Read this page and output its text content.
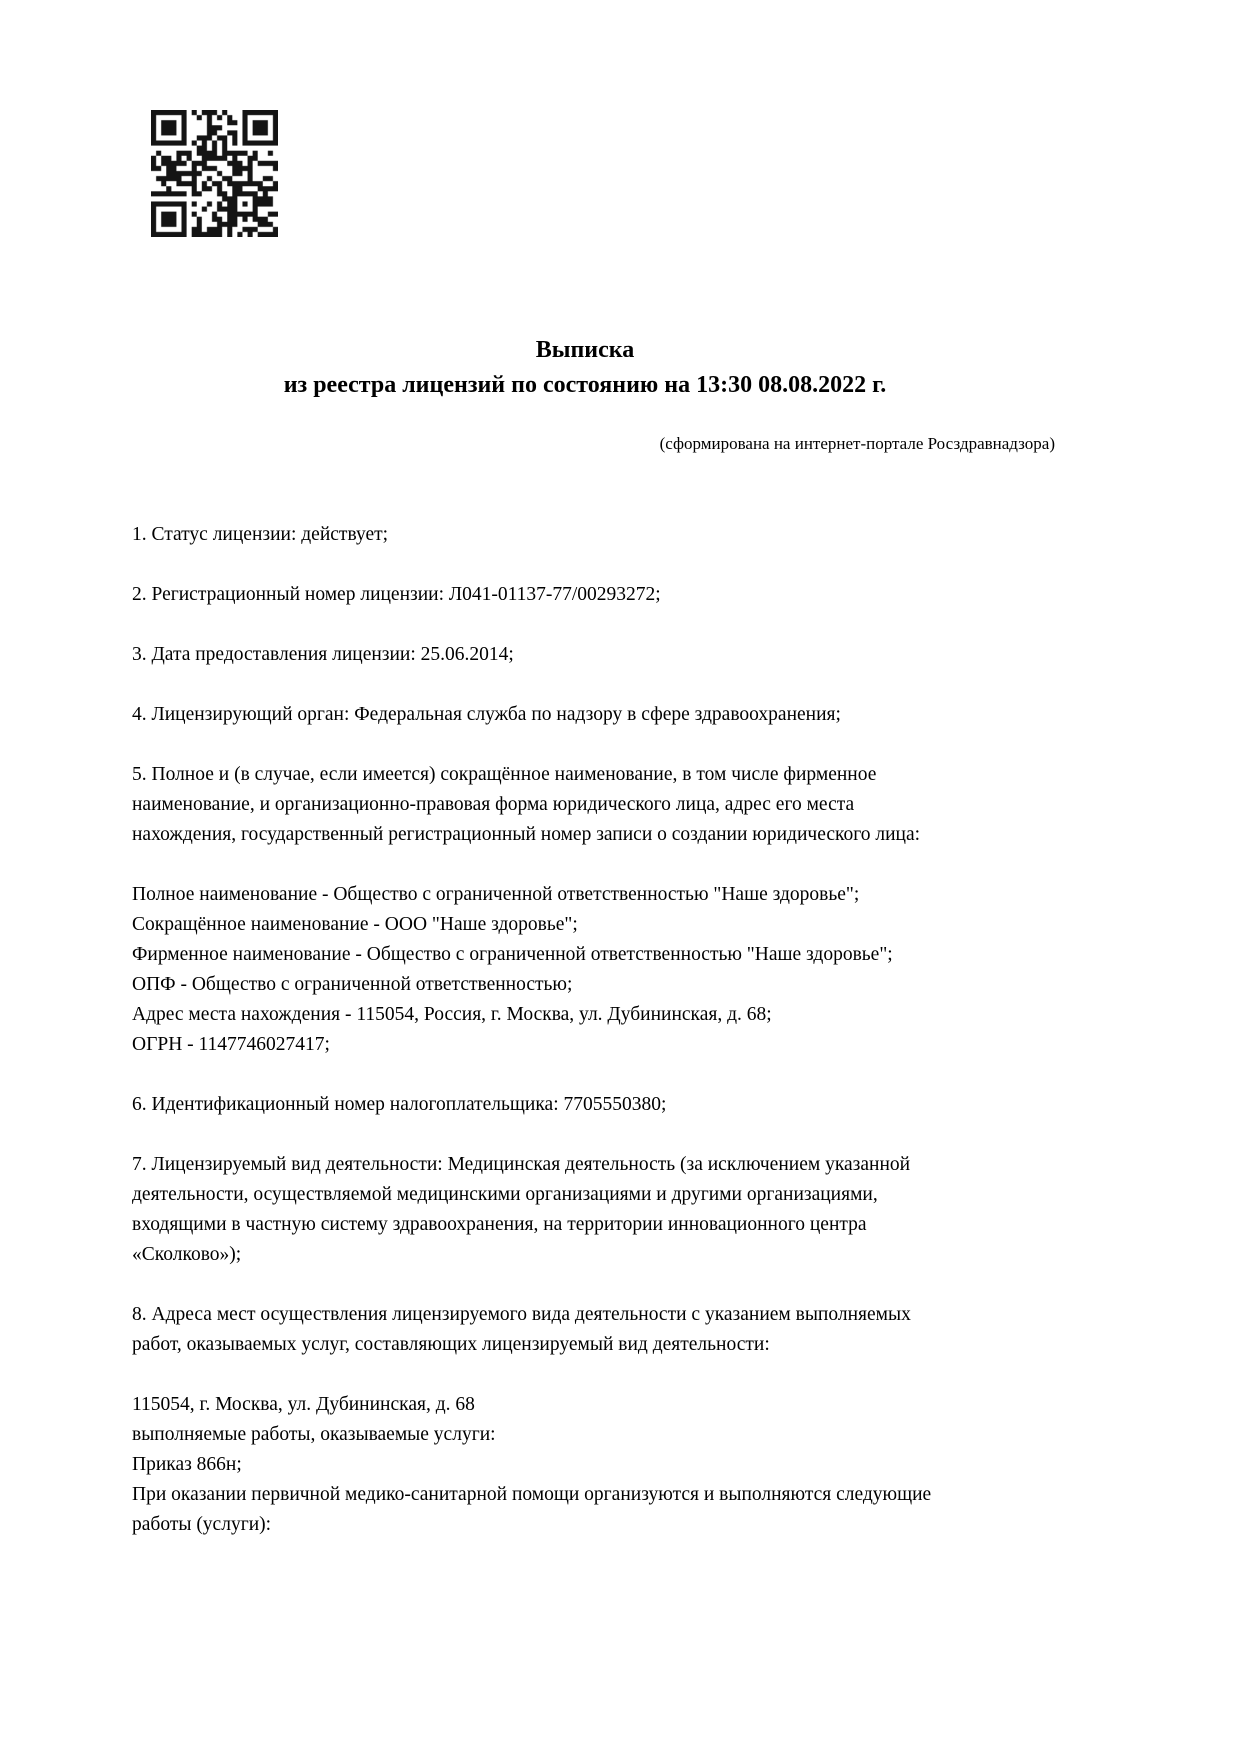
Выписка
из реестра лицензий по состоянию на 13:30 08.08.2022 г.
(сформирована на интернет-портале Росздравнадзора)
1. Статус лицензии: действует;
2. Регистрационный номер лицензии: Л041-01137-77/00293272;
3. Дата предоставления лицензии: 25.06.2014;
4. Лицензирующий орган: Федеральная служба по надзору в сфере здравоохранения;
5. Полное и (в случае, если имеется) сокращённое наименование, в том числе фирменное
наименование, и организационно-правовая форма юридического лица, адрес его места
нахождения, государственный регистрационный номер записи о создании юридического лица:
Полное наименование - Общество с ограниченной ответственностью "Наше здоровье";
Сокращённое наименование - ООО "Наше здоровье";
Фирменное наименование - Общество с ограниченной ответственностью "Наше здоровье";
ОПФ - Общество с ограниченной ответственностью;
Адрес места нахождения - 115054, Россия, г. Москва, ул. Дубининская, д. 68;
ОГРН - 1147746027417;
6. Идентификационный номер налогоплательщика: 7705550380;
7. Лицензируемый вид деятельности: Медицинская деятельность (за исключением указанной
деятельности, осуществляемой медицинскими организациями и другими организациями,
входящими в частную систему здравоохранения, на территории инновационного центра
«Сколково»);
8. Адреса мест осуществления лицензируемого вида деятельности с указанием выполняемых
работ, оказываемых услуг, составляющих лицензируемый вид деятельности:
115054, г. Москва, ул. Дубининская, д. 68
выполняемые работы, оказываемые услуги:
Приказ 866н;
При оказании первичной медико-санитарной помощи организуются и выполняются следующие
работы (услуги):
